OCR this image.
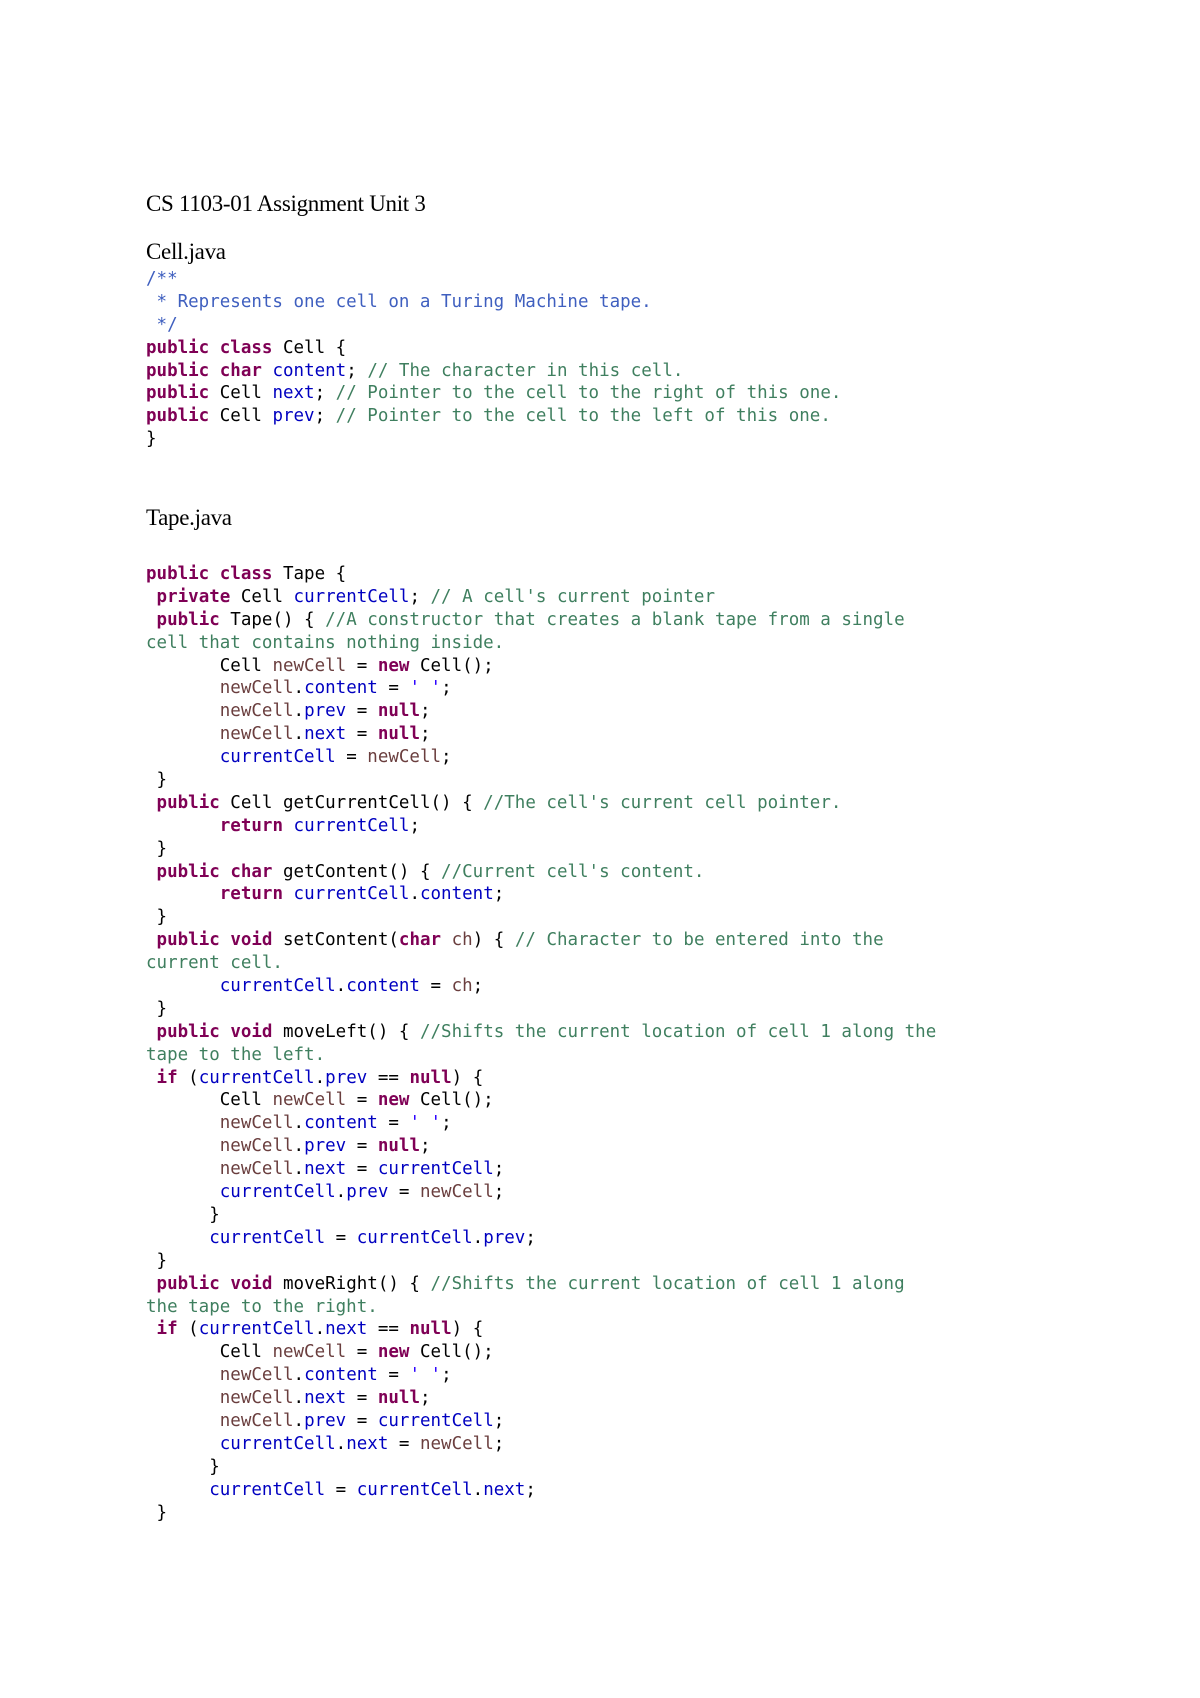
CS 1103-01 Assignment Unit 3
Cell.java
/**
* Represents one cell on a Turing Machine tape.
*/
public class Cell {
public char content; // The character in this cell.
public Cell next; // Pointer to the cell to the right of this one.
public Cell prev; // Pointer to the cell to the left of this one.
}
Tape.java
public class Tape {
private Cell currentCell; // A cell's current pointer
public Tape() { //A constructor that creates a blank tape from a single
cell that contains nothing inside.
Cell newCell = new Cell();
newCell.content = ' ';
newCell.prev = null;
newCell.next = null;
currentCell = newCell;
}
public Cell getCurrentCell() { //The cell's current cell pointer.
return currentCell;
}
public char getContent() { //Current cell's content.
return currentCell.content;
}
public void setContent(char ch) { // Character to be entered into the
current cell.
currentCell.content = ch;
}
public void moveLeft() { //Shifts the current location of cell 1 along the
tape to the left.
if (currentCell.prev == null) {
Cell newCell = new Cell();
newCell.content = ' ';
newCell.prev = null;
newCell.next = currentCell;
currentCell.prev = newCell;
}
currentCell = currentCell.prev;
}
public void moveRight() { //Shifts the current location of cell 1 along
the tape to the right.
if (currentCell.next == null) {
Cell newCell = new Cell();
newCell.content = ' ';
newCell.next = null;
newCell.prev = currentCell;
currentCell.next = newCell;
}
currentCell = currentCell.next;
}
